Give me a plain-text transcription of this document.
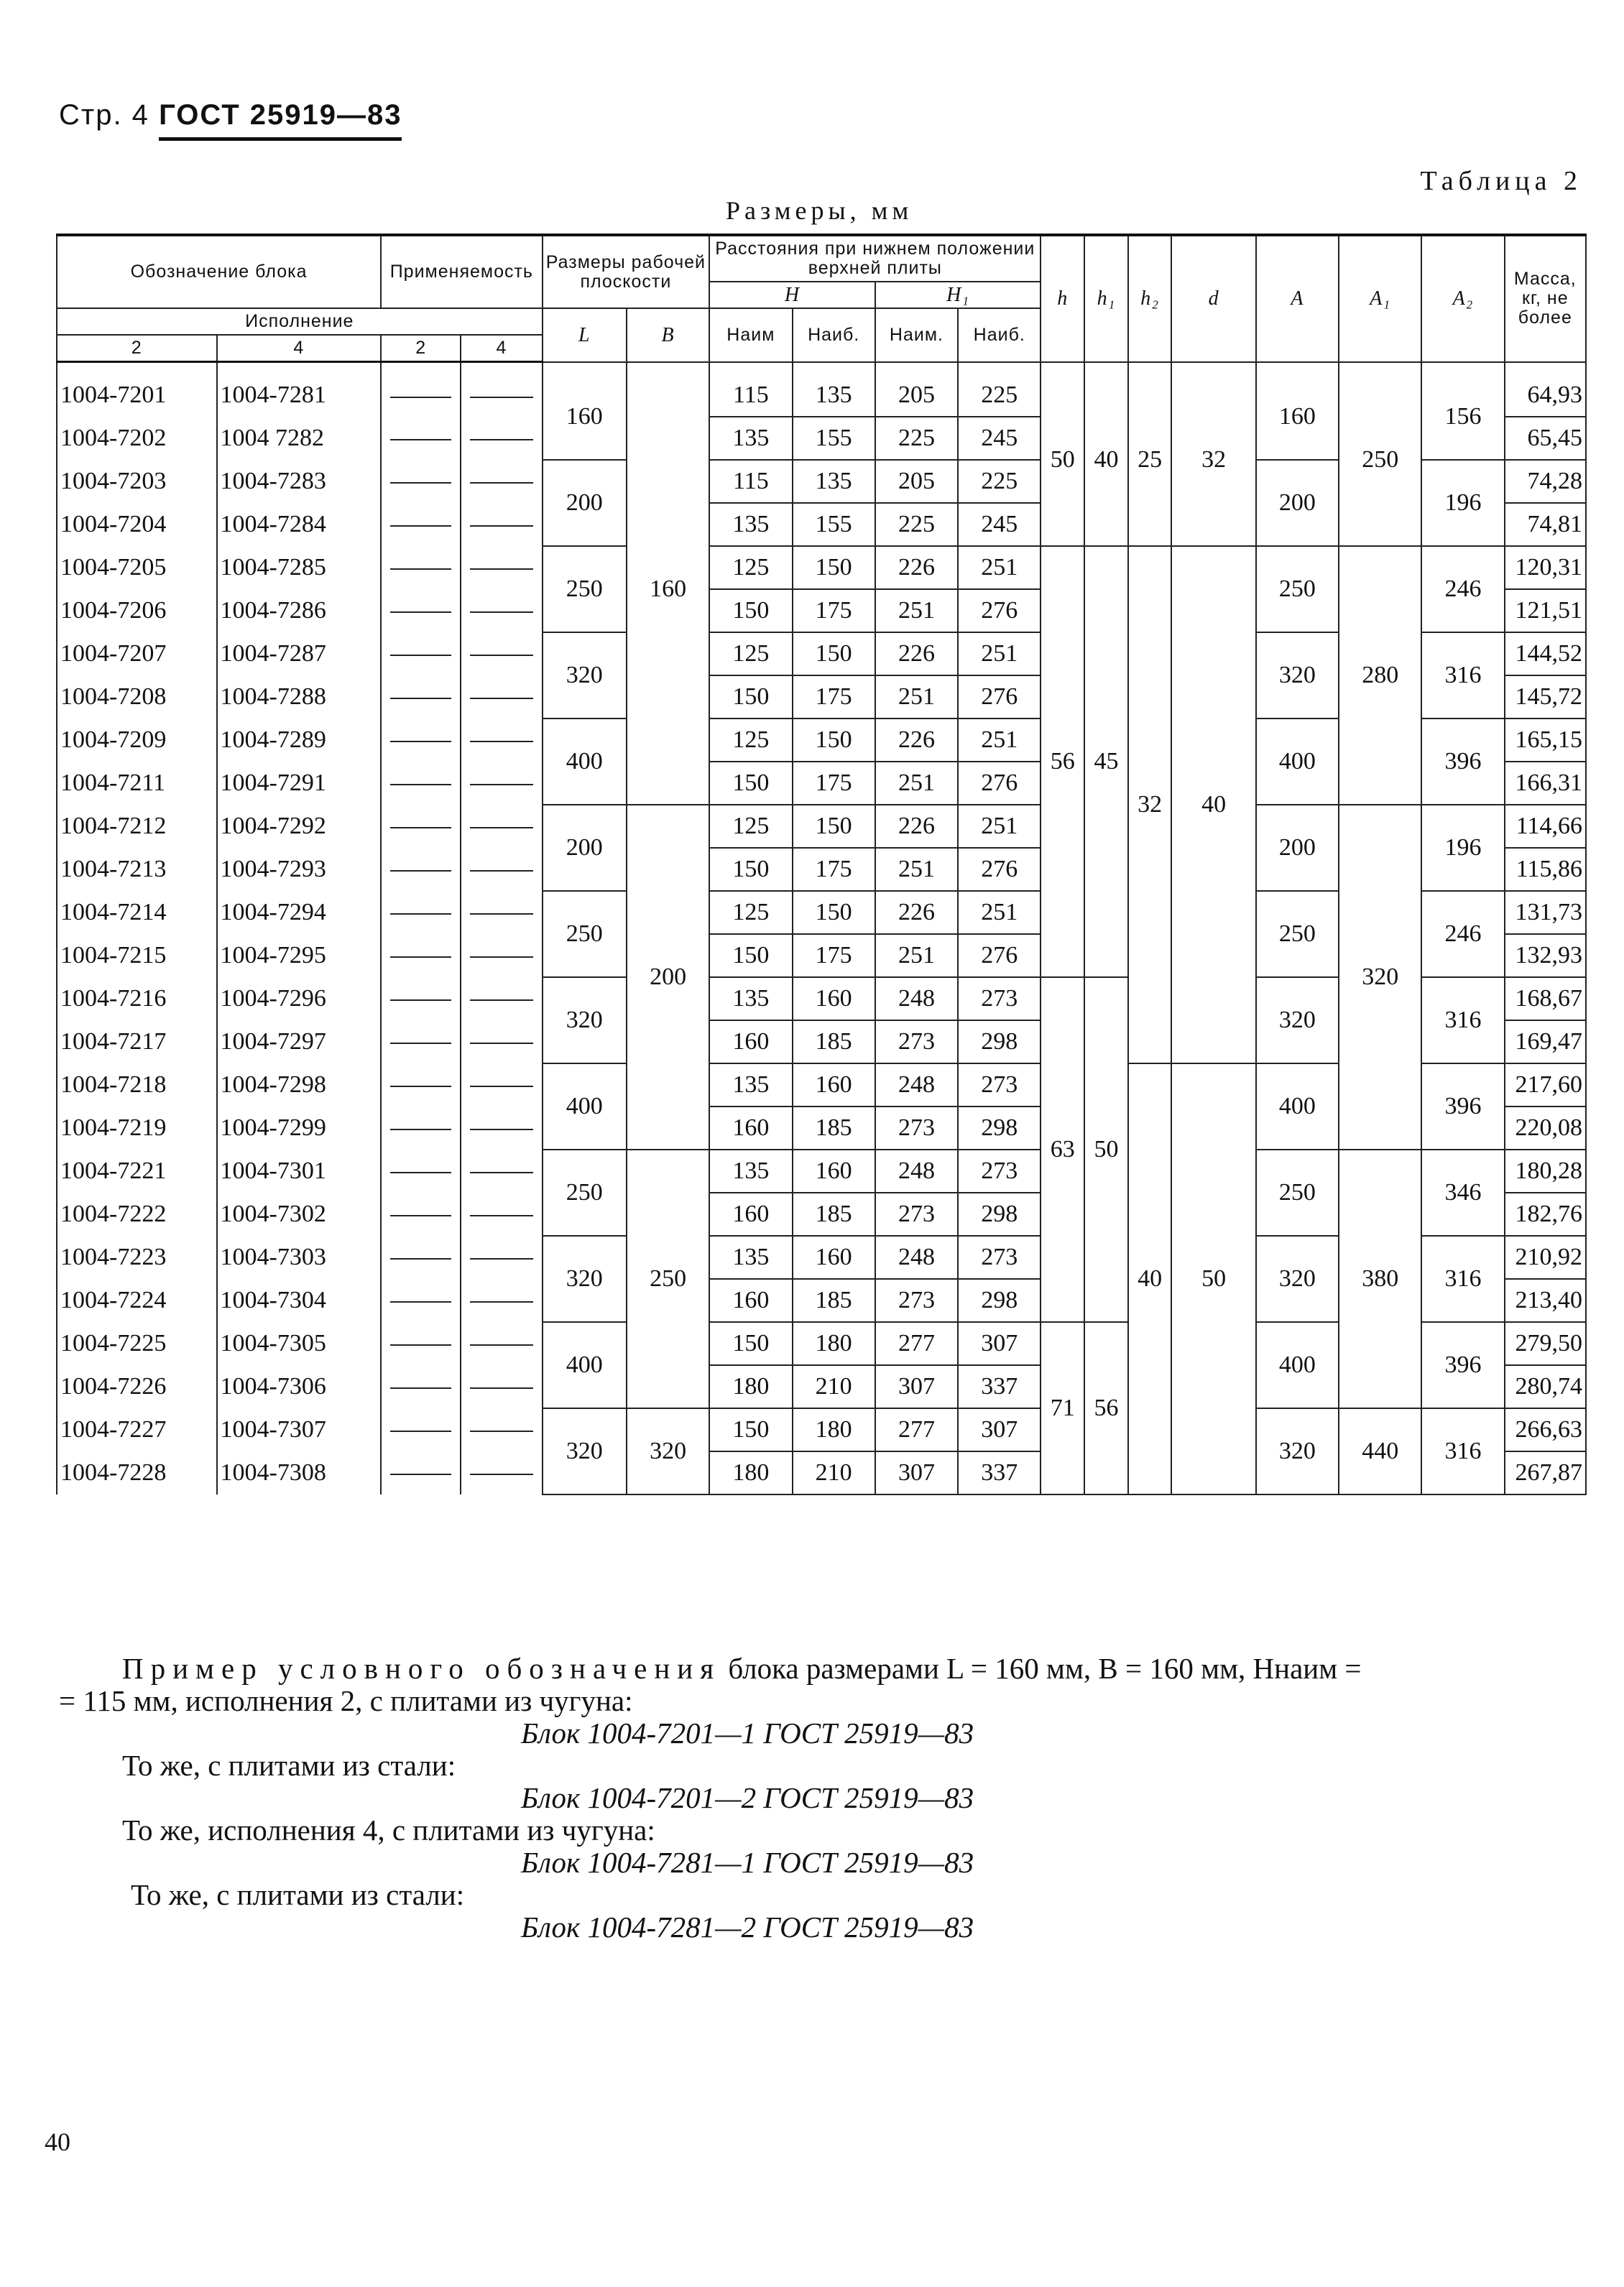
Стр. 4 ГОСТ 25919—83
Таблица 2
Размеры, мм
Обозначение блока		Применяемость		Размеры рабочей плоскости		Расстояния при нижнем положении верхней плиты				h	h₁	h₂	d	A	A₁	A₂	Масса, кг, не более
						H		H₁									
Исполнение				L	B	Наим	Наиб.	Наим.	Наиб.								
2	4	2	4														
1004-7201	1004-7281			160	160	115	135	205	225	50	40	25	32	160	250	156	64,93
1004-7202	1004 7282					135	155	225	245								65,45
1004-7203	1004-7283			200		115	135	205	225					200		196	74,28
1004-7204	1004-7284					135	155	225	245								74,81
1004-7205	1004-7285			250		125	150	226	251	56	45	32	40	250	280	246	120,31
1004-7206	1004-7286					150	175	251	276								121,51
1004-7207	1004-7287			320		125	150	226	251					320		316	144,52
1004-7208	1004-7288					150	175	251	276								145,72
1004-7209	1004-7289			400		125	150	226	251					400		396	165,15
1004-7211	1004-7291					150	175	251	276								166,31
1004-7212	1004-7292			200	200	125	150	226	251					200	320	196	114,66
1004-7213	1004-7293					150	175	251	276								115,86
1004-7214	1004-7294			250		125	150	226	251					250		246	131,73
1004-7215	1004-7295					150	175	251	276								132,93
1004-7216	1004-7296			320		135	160	248	273	63	50			320		316	168,67
1004-7217	1004-7297					160	185	273	298								169,47
1004-7218	1004-7298			400		135	160	248	273			40	50	400		396	217,60
1004-7219	1004-7299					160	185	273	298								220,08
1004-7221	1004-7301			250	250	135	160	248	273					250	380	346	180,28
1004-7222	1004-7302					160	185	273	298								182,76
1004-7223	1004-7303			320		135	160	248	273					320		316	210,92
1004-7224	1004-7304					160	185	273	298								213,40
1004-7225	1004-7305			400		150	180	277	307	71	56			400		396	279,50
1004-7226	1004-7306					180	210	307	337								280,74
1004-7227	1004-7307			320	320	150	180	277	307					320	440	316	266,63
1004-7228	1004-7308					180	210	307	337								267,87
Пример условного обозначения блока размерами L = 160 мм, B = 160 мм, Hнаим =
= 115 мм, исполнения 2, с плитами из чугуна:
Блок 1004-7201—1 ГОСТ 25919—83
То же, с плитами из стали:
Блок 1004-7201—2 ГОСТ 25919—83
То же, исполнения 4, с плитами из чугуна:
Блок 1004-7281—1 ГОСТ 25919—83
То же, с плитами из стали:
Блок 1004-7281—2 ГОСТ 25919—83
40
